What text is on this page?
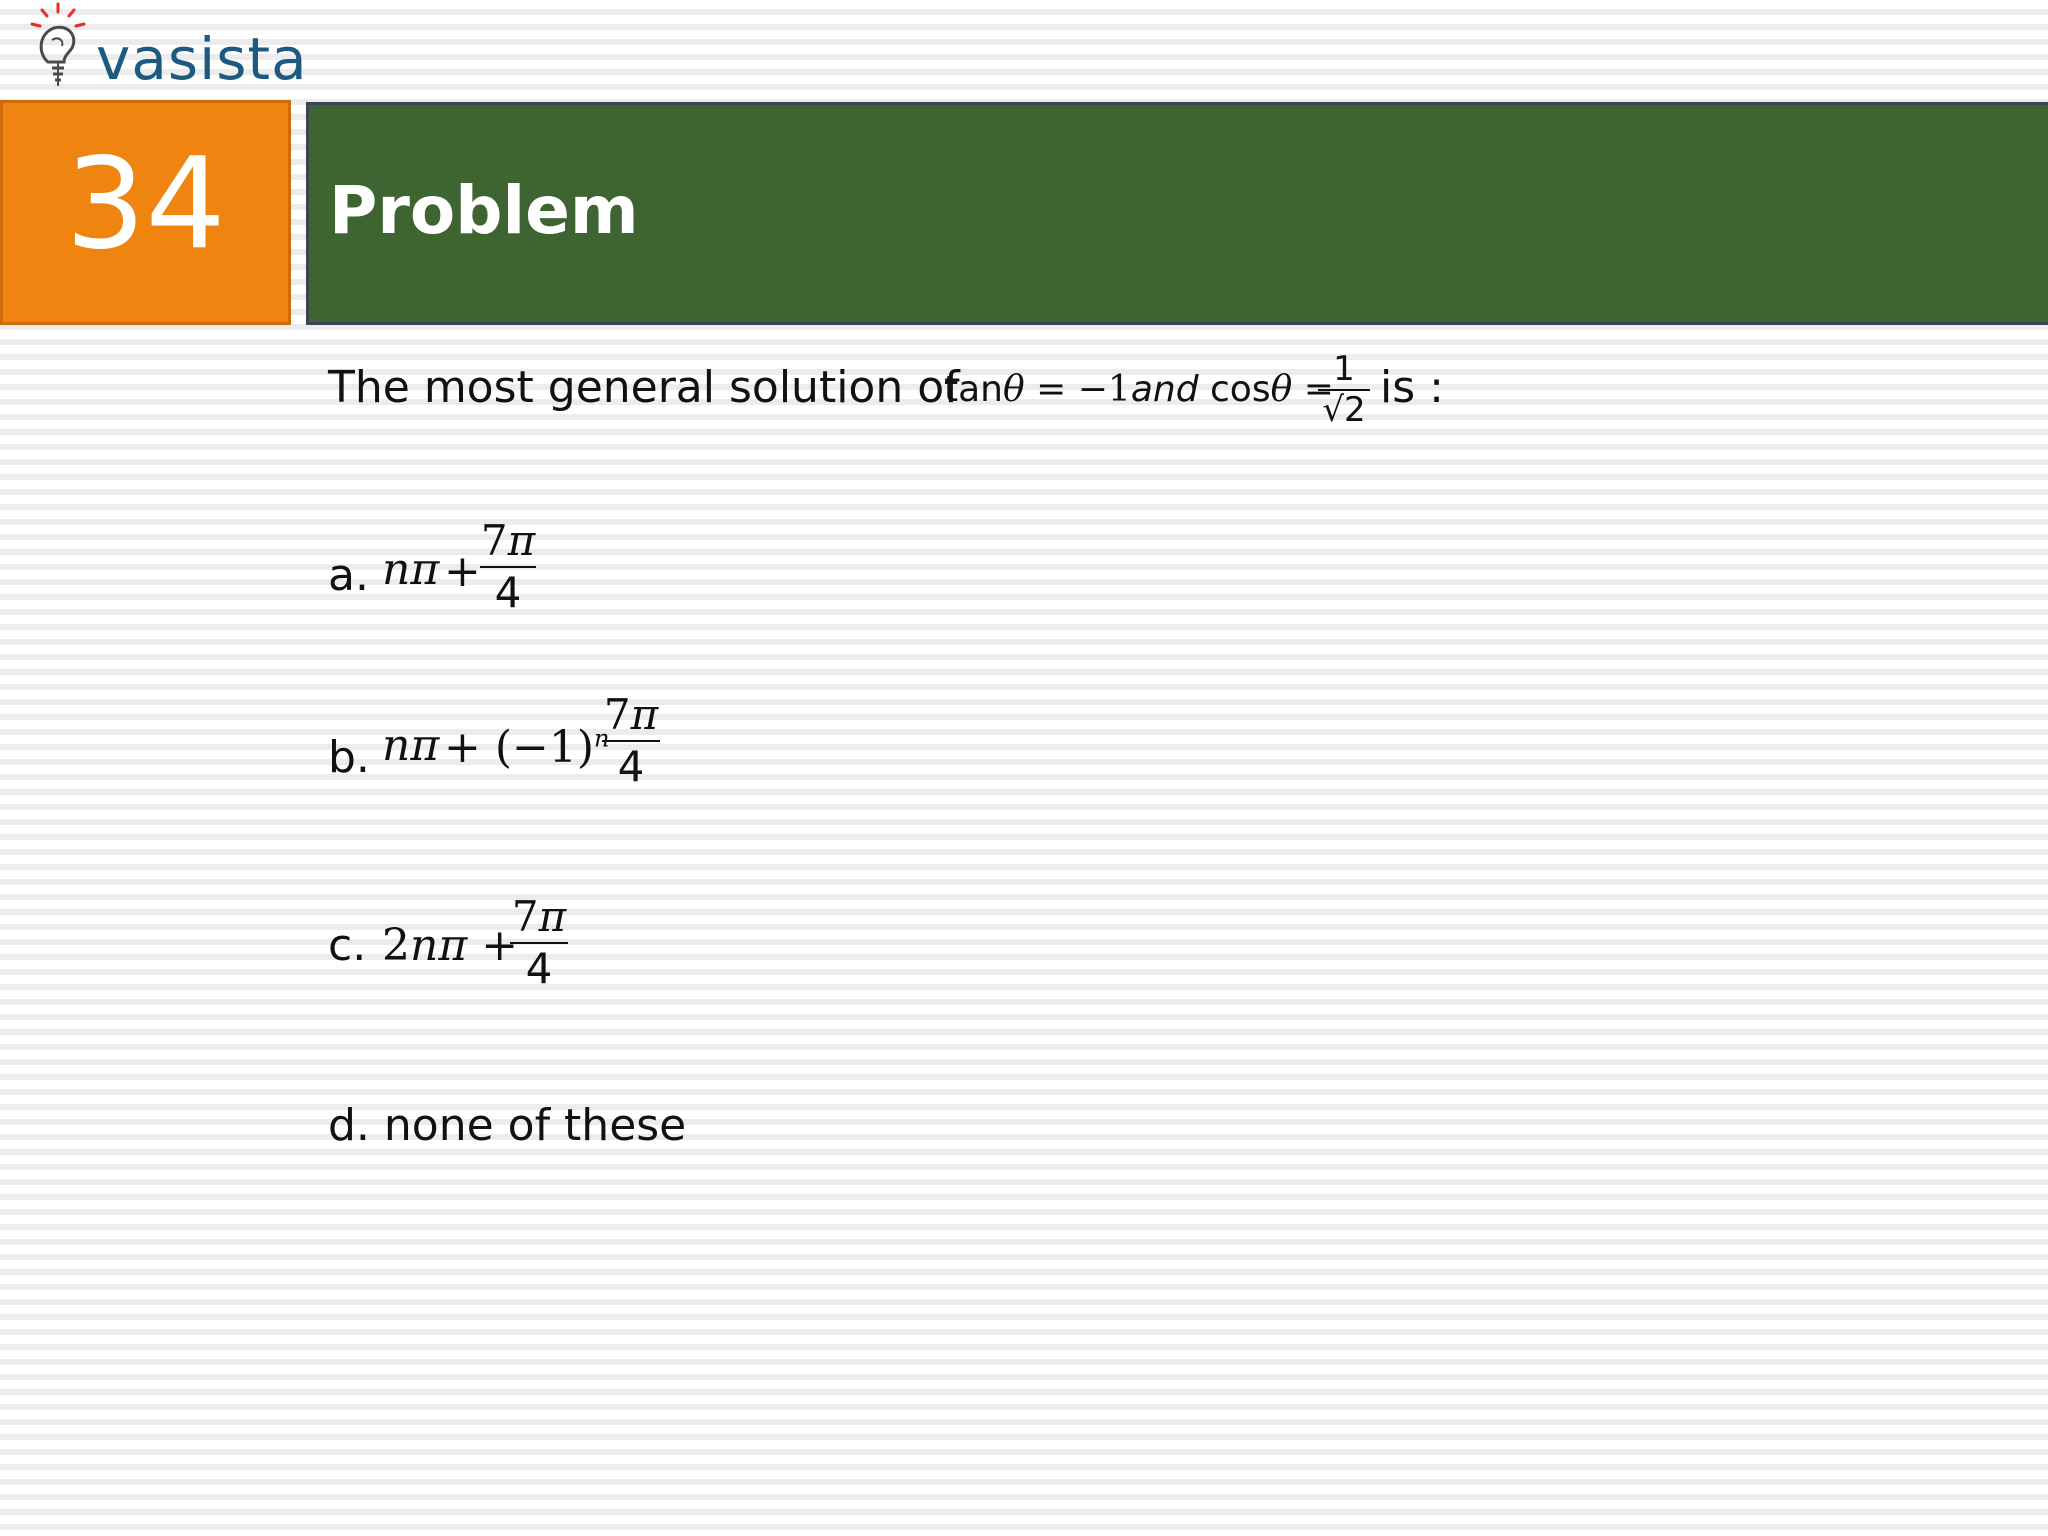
vasista
34	Problem
The most general solution of
tanθ = −1and cosθ =
$\frac{1}{√2}$ is :
a. $n\pi + \frac{7\pi}{4}$
b. $n\pi + (-1)^n$
$\frac{7\pi}{4}$
c. 2nπ +
$\frac{7\pi}{4}$
d. none of these
